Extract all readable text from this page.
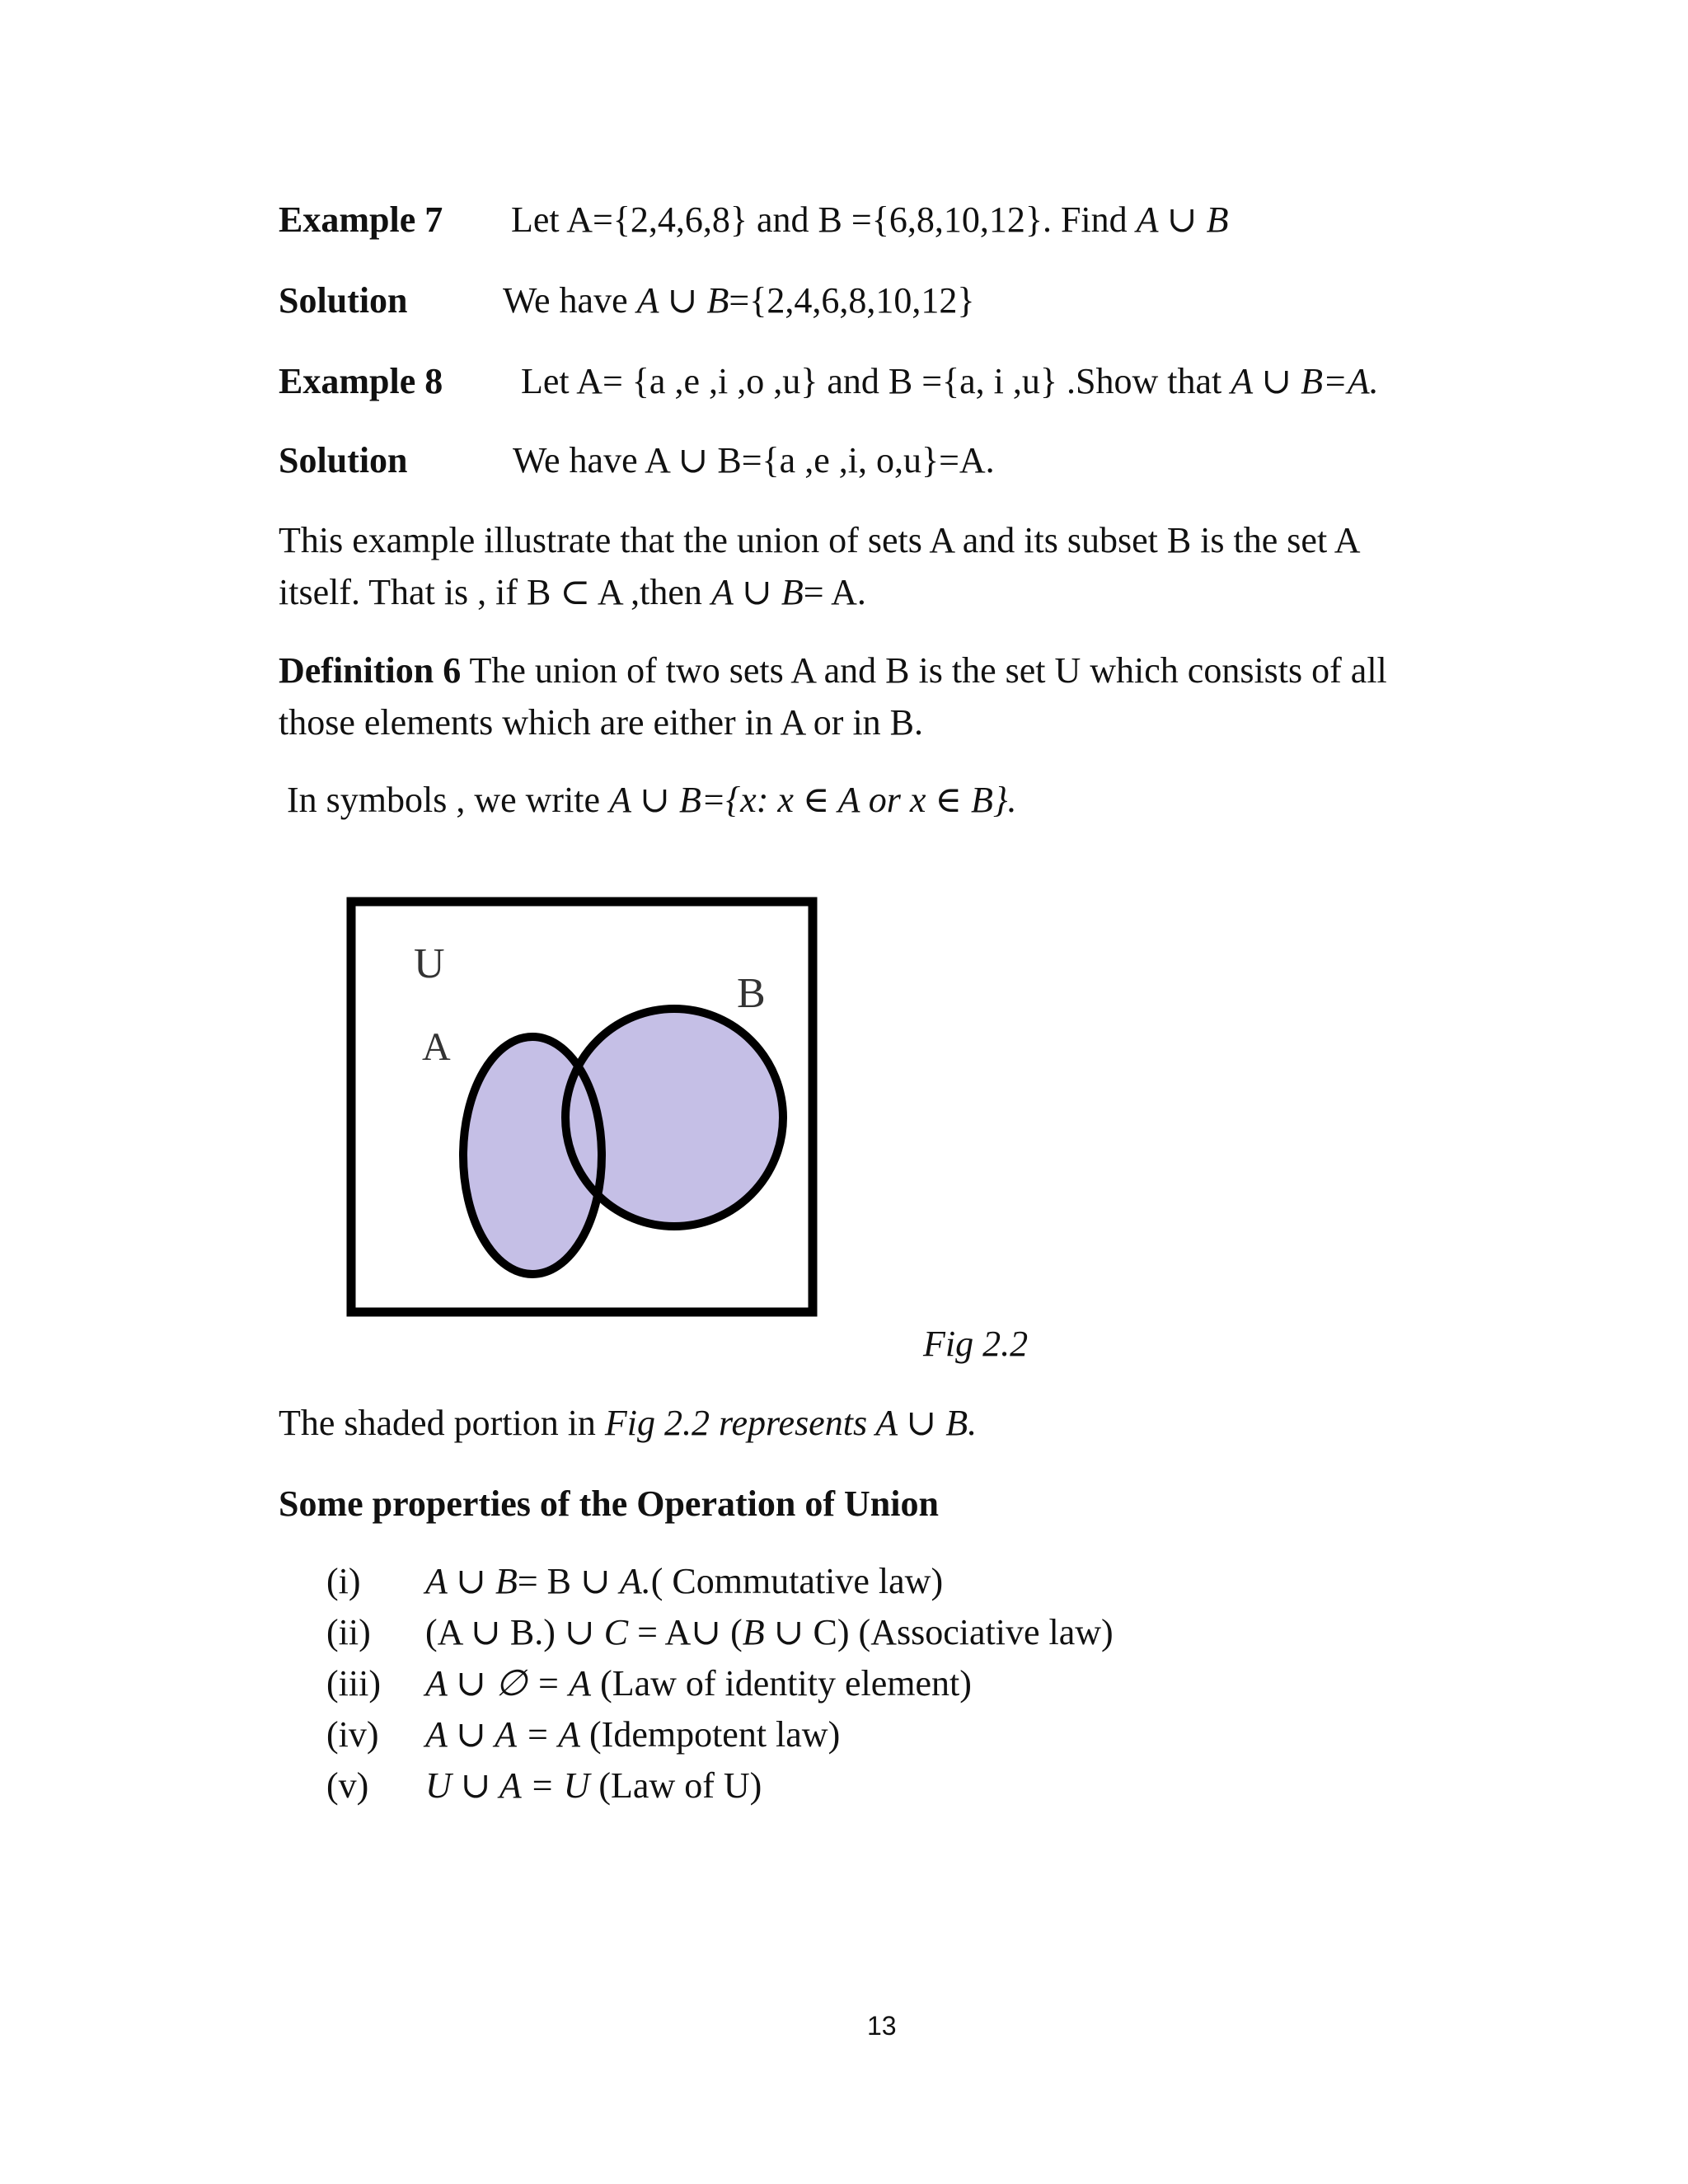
Example 7 Let A={2,4,6,8} and B ={6,8,10,12}. Find A ∪ B
Solution	We have A ∪ B={2,4,6,8,10,12}
Example 8 Let A= {a ,e ,i ,o ,u} and B ={a, i ,u} .Show that A ∪ B=A.
Solution	We have A ∪ B={a ,e ,i, o,u}=A.
This example illustrate that the union of sets A and its subset B is the set A
itself. That is , if B ⊂ A ,then A ∪ B= A.
Definition 6 The union of two sets A and B is the set U which consists of all
those elements which are either in A or in B.
In symbols , we write A ∪ B={x: x ∈ A or x ∈ B}.
U
A
B
Fig 2.2
The shaded portion in Fig 2.2 represents A ∪ B.
Some properties of the Operation of Union
(i) A ∪ B= B ∪ A.( Commutative law)
(ii) (A ∪ B.) ∪ C = A∪ (B ∪ C) (Associative law)
(iii) A ∪ ∅ = A (Law of identity element)
(iv) A ∪ A = A (Idempotent law)
(v) U ∪ A = U (Law of U)
13
